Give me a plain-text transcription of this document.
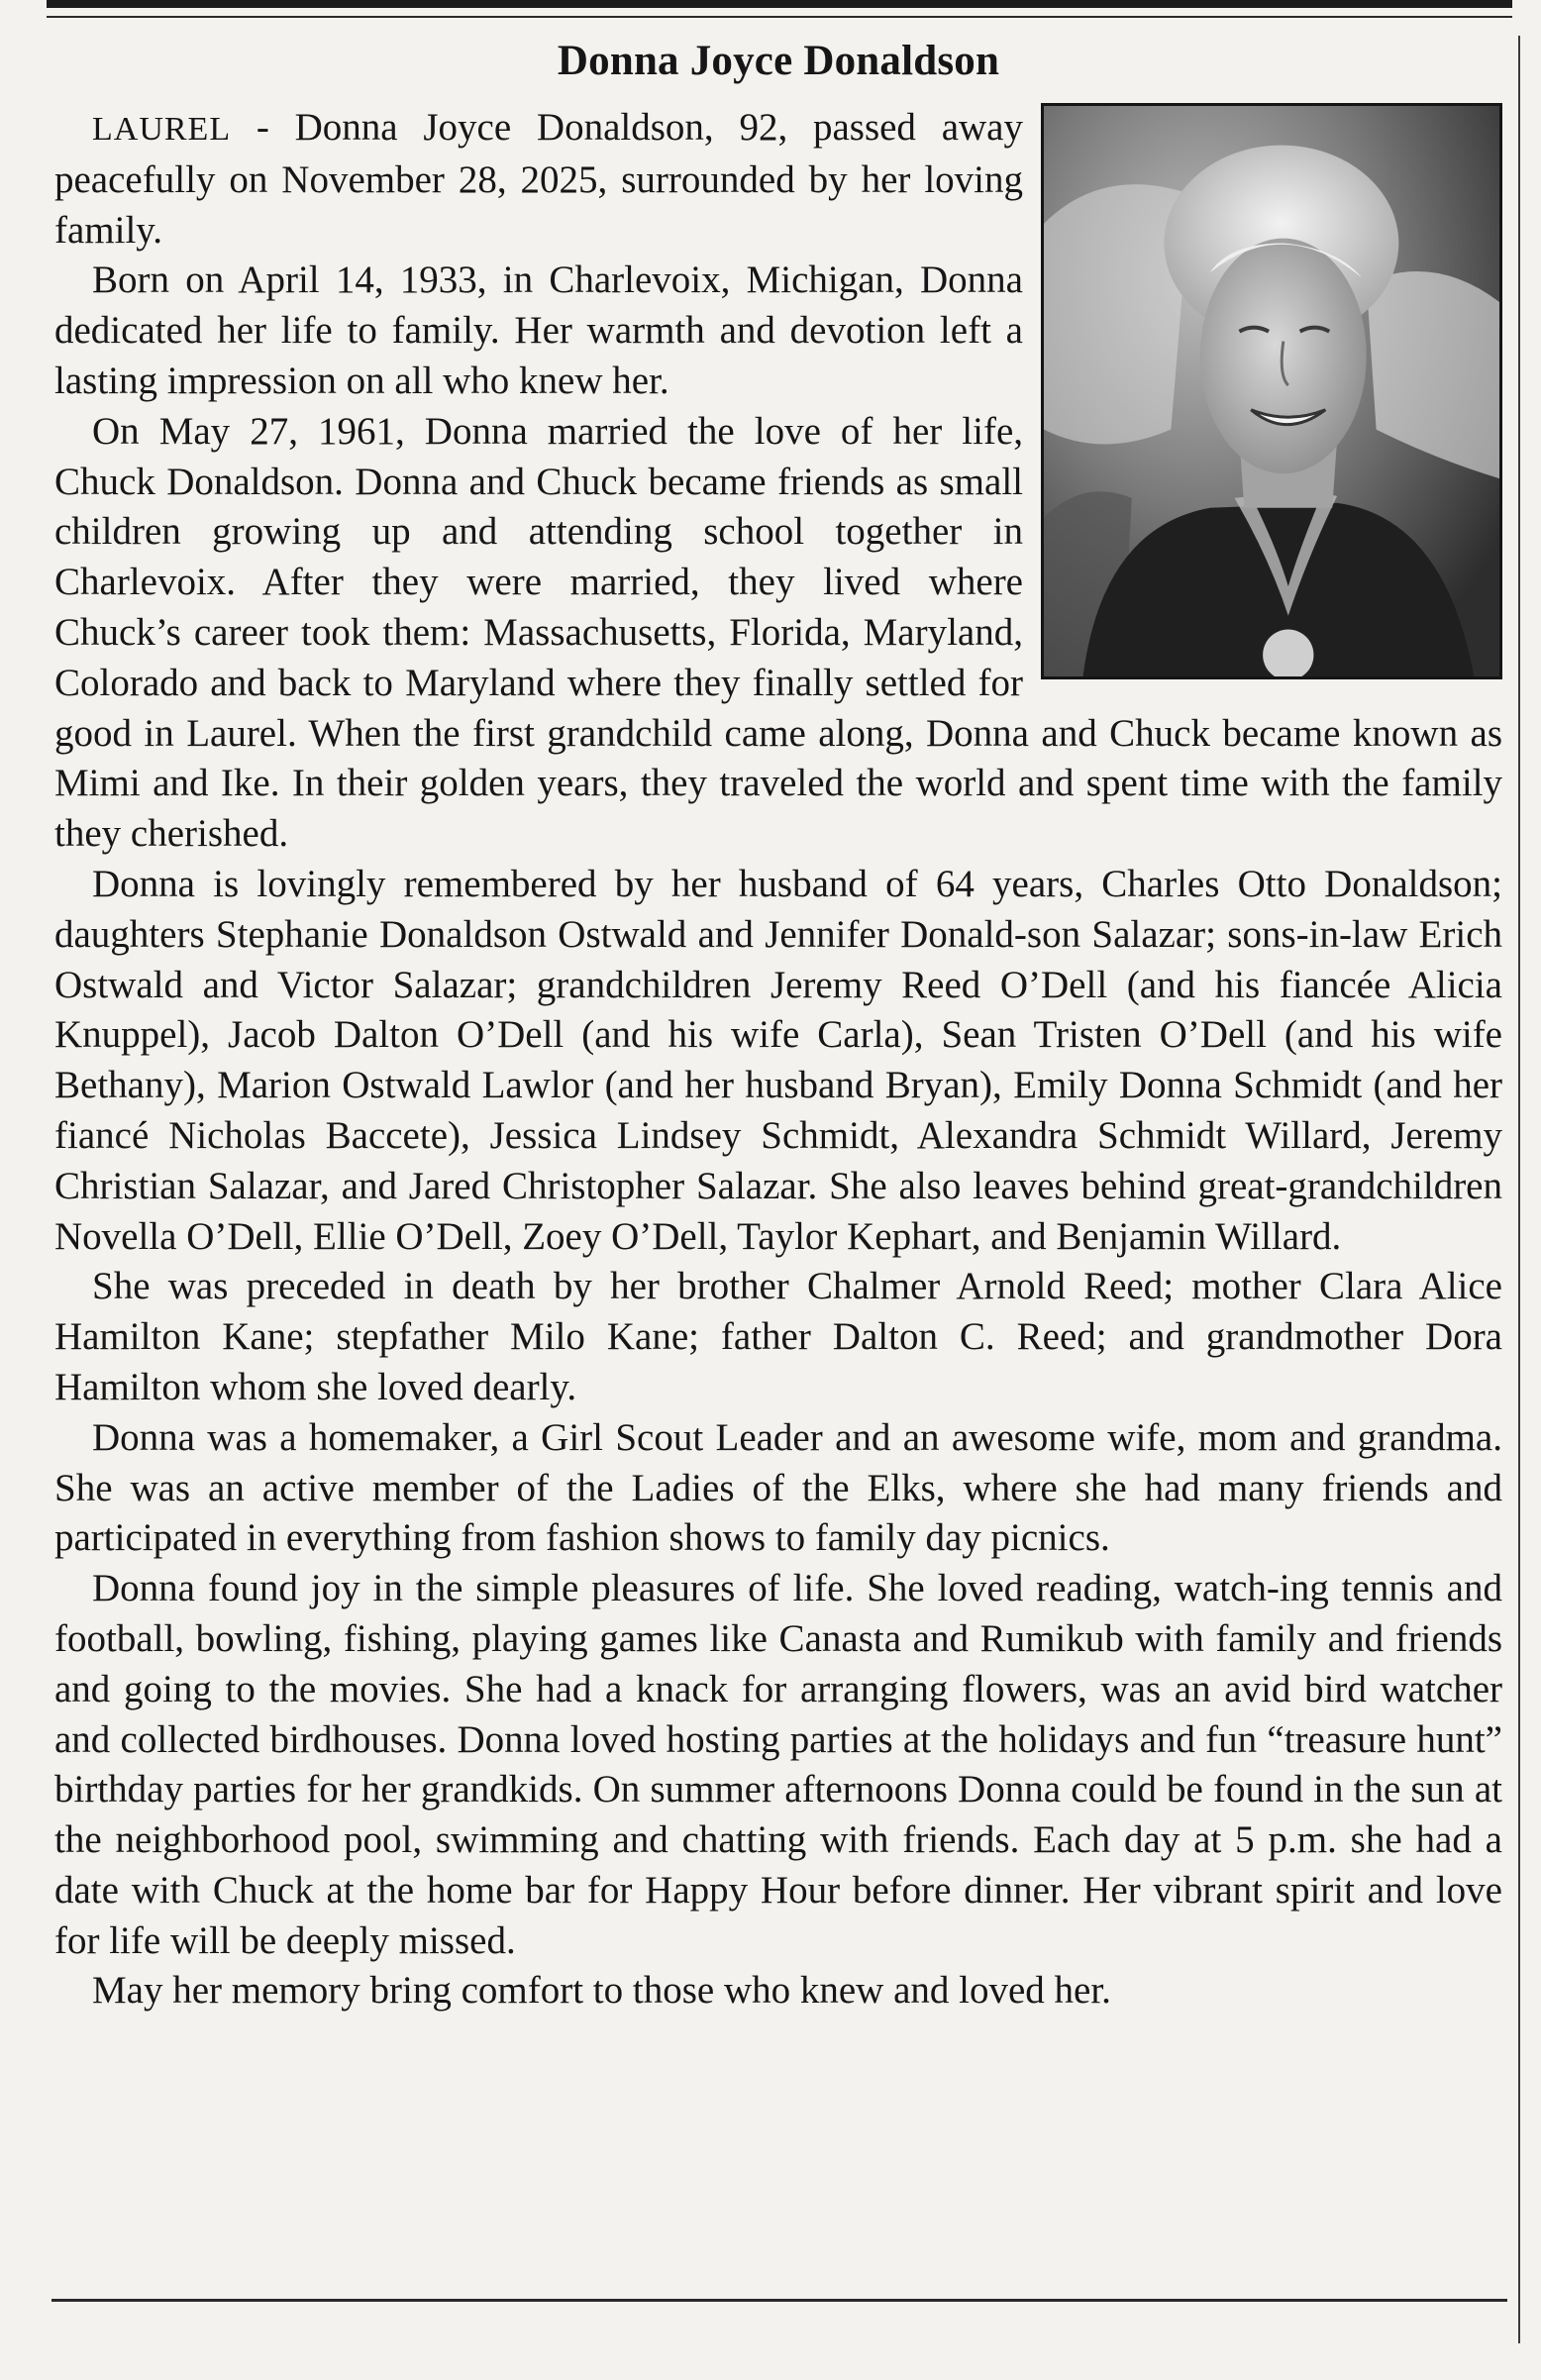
Donna Joyce Donaldson

LAUREL - Donna Joyce Donaldson, 92, passed away peacefully on November 28, 2025, surrounded by her loving family.

Born on April 14, 1933, in Charlevoix, Michigan, Donna dedicated her life to family. Her warmth and devotion left a lasting impression on all who knew her.

On May 27, 1961, Donna married the love of her life, Chuck Donaldson. Donna and Chuck became friends as small children growing up and attending school together in Charlevoix. After they were married, they lived where Chuck’s career took them: Massachusetts, Florida, Maryland, Colorado and back to Maryland where they finally settled for good in Laurel. When the first grandchild came along, Donna and Chuck became known as Mimi and Ike. In their golden years, they traveled the world and spent time with the family they cherished.

Donna is lovingly remembered by her husband of 64 years, Charles Otto Donaldson; daughters Stephanie Donaldson Ostwald and Jennifer Donald-son Salazar; sons-in-law Erich Ostwald and Victor Salazar; grandchildren Jeremy Reed O’Dell (and his fiancée Alicia Knuppel), Jacob Dalton O’Dell (and his wife Carla), Sean Tristen O’Dell (and his wife Bethany), Marion Ostwald Lawlor (and her husband Bryan), Emily Donna Schmidt (and her fiancé Nicholas Baccete), Jessica Lindsey Schmidt, Alexandra Schmidt Willard, Jeremy Christian Salazar, and Jared Christopher Salazar. She also leaves behind great-grandchildren Novella O’Dell, Ellie O’Dell, Zoey O’Dell, Taylor Kephart, and Benjamin Willard.

She was preceded in death by her brother Chalmer Arnold Reed; mother Clara Alice Hamilton Kane; stepfather Milo Kane; father Dalton C. Reed; and grandmother Dora Hamilton whom she loved dearly.

Donna was a homemaker, a Girl Scout Leader and an awesome wife, mom and grandma. She was an active member of the Ladies of the Elks, where she had many friends and participated in everything from fashion shows to family day picnics.

Donna found joy in the simple pleasures of life. She loved reading, watch-ing tennis and football, bowling, fishing, playing games like Canasta and Rumikub with family and friends and going to the movies. She had a knack for arranging flowers, was an avid bird watcher and collected birdhouses. Donna loved hosting parties at the holidays and fun “treasure hunt” birthday parties for her grandkids. On summer afternoons Donna could be found in the sun at the neighborhood pool, swimming and chatting with friends. Each day at 5 p.m. she had a date with Chuck at the home bar for Happy Hour before dinner. Her vibrant spirit and love for life will be deeply missed.

May her memory bring comfort to those who knew and loved her.
